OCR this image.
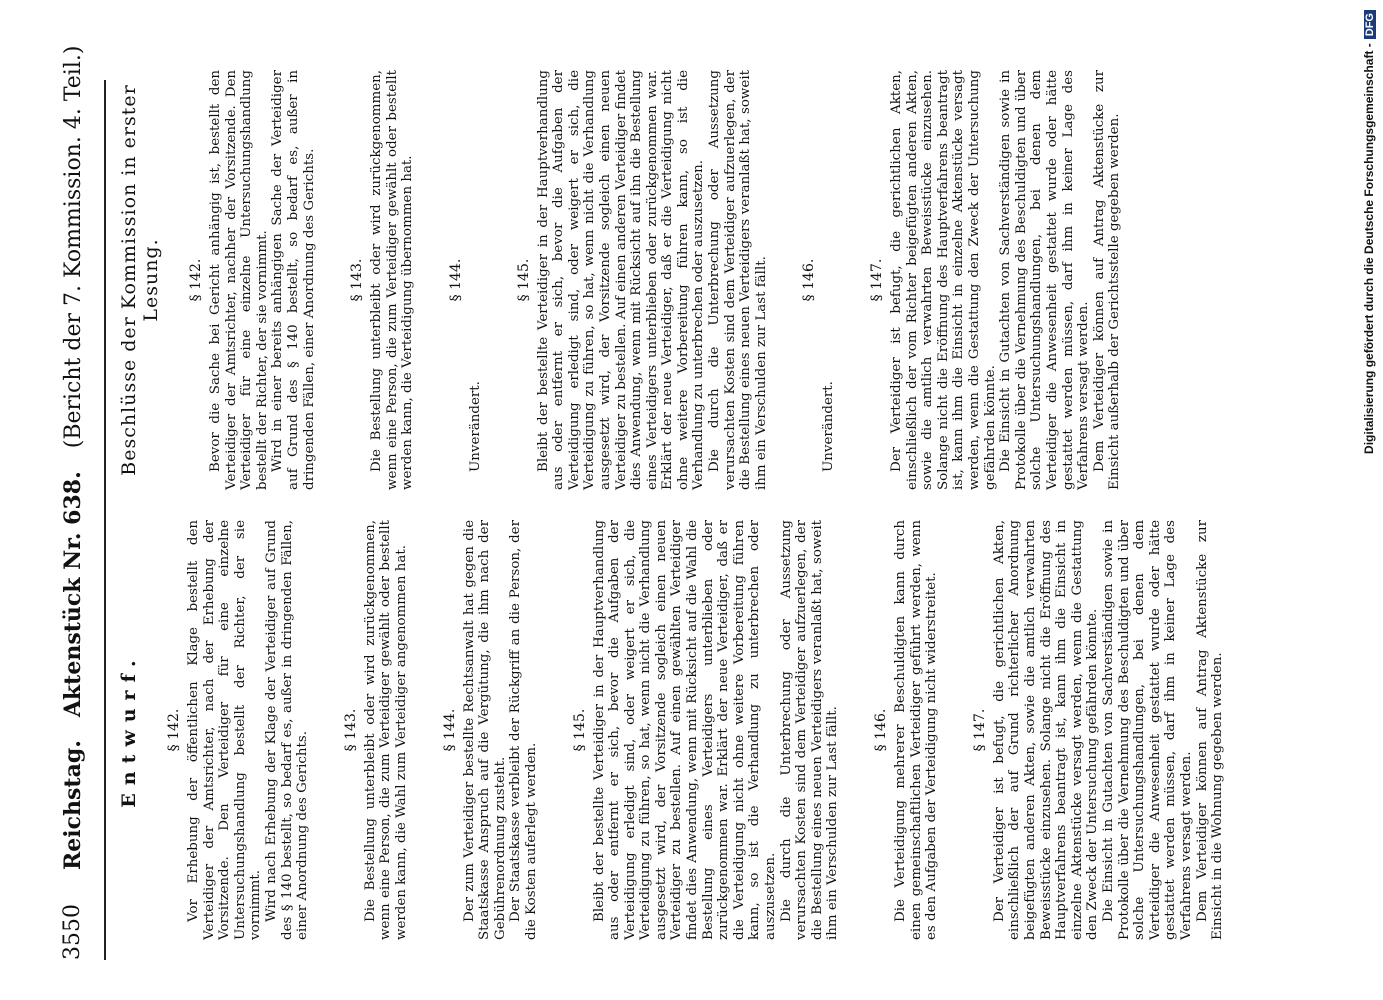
3550
Reichstag.   Aktenstück Nr. 638.   (Bericht der 7. Kommission. 4. Teil.)
Entwurf. § 142. Vor Erhebung der öffentlichen Klage bestellt den Verteidiger der Amtsrichter, nach der Erhebung der Vorsitzende. Den Verteidiger für eine einzelne Untersuchungshandlung bestellt der Richter, der sie vornimmt. Wird nach Erhebung der Klage der Verteidiger auf Grund des § 140 bestellt, so bedarf es, außer in dringenden Fällen, einer Anordnung des Gerichts.

§ 143. Die Bestellung unterbleibt oder wird zurückgenommen, wenn eine Person, die zum Verteidiger gewählt oder bestellt werden kann, die Wahl zum Verteidiger angenommen hat. § 144. Der zum Verteidiger bestellte Rechtsanwalt hat gegen die Staatskasse Anspruch auf die Vergütung, die ihm nach der Gebührenordnung zusteht. Der Staatskasse verbleibt der Rückgriff an die Person, der die Kosten auferlegt werden.

§ 145. Bleibt der bestellte Verteidiger in der Hauptverhandlung aus oder entfernt er sich, bevor die Aufgaben der Verteidigung erledigt sind, oder weigert er sich, die Verteidigung zu führen, so hat, wenn nicht die Verhandlung ausgesetzt wird, der Vorsitzende sogleich einen neuen Verteidiger zu bestellen. Auf einen gewählten Verteidiger findet dies Anwendung, wenn mit Rücksicht auf die Wahl die Bestellung eines Verteidigers unterblieben oder zurückgenommen war. Erklärt der neue Verteidiger, daß er die Verteidigung nicht ohne weitere Vorbereitung führen kann, so ist die Verhandlung zu unterbrechen oder auszusetzen. Die durch die Unterbrechung oder Aussetzung verursachten Kosten sind dem Verteidiger aufzuerlegen, der die Bestellung eines neuen Verteidigers veranlaßt hat, soweit ihm ein Verschulden zur Last fällt. § 146. Die Verteidigung mehrerer Beschuldigten kann durch einen gemeinschaftlichen Verteidiger geführt werden, wenn es den Aufgaben der Verteidigung nicht widerstreitet. § 147. Der Verteidiger ist befugt, die gerichtlichen Akten, einschließlich der auf Grund richterlicher Anordnung beigefügten anderen Akten, sowie die amtlich verwahrten Beweisstücke einzusehen. Solange nicht die Eröffnung des Hauptverfahrens beantragt ist, kann ihm die Einsicht in einzelne Aktenstücke versagt werden, wenn die Gestattung den Zweck der Untersuchung gefährden könnte. Die Einsicht in Gutachten von Sachverständigen sowie in Protokolle über die Vernehmung des Beschuldigten und über solche Untersuchungshandlungen, bei denen dem Verteidiger die Anwesenheit gestattet wurde oder hätte gestattet werden müssen, darf ihm in keiner Lage des Verfahrens versagt werden. Dem Verteidiger können auf Antrag Aktenstücke zur Einsicht in die Wohnung gegeben werden.

Beschlüsse der Kommission in erster Lesung. § 142. Bevor die Sache bei Gericht anhängig ist, bestellt den Verteidiger der Amtsrichter, nachher der Vorsitzende. Den Verteidiger für eine einzelne Untersuchungshandlung bestellt der Richter, der sie vornimmt. Wird in einer bereits anhängigen Sache der Verteidiger auf Grund des § 140 bestellt, so bedarf es, außer in dringenden Fällen, einer Anordnung des Gerichts. § 143. Die Bestellung unterbleibt oder wird zurückgenommen, wenn eine Person, die zum Verteidiger gewählt oder bestellt werden kann, die Verteidigung übernommen hat. § 144.

Unverändert.

§ 145. Bleibt der bestellte Verteidiger in der Hauptverhandlung aus oder entfernt er sich, bevor die Aufgaben der Verteidigung erledigt sind, oder weigert er sich, die Verteidigung zu führen, so hat, wenn nicht die Verhandlung ausgesetzt wird, der Vorsitzende sogleich einen neuen Verteidiger zu bestellen. Auf einen anderen Verteidiger findet dies Anwendung, wenn mit Rücksicht auf ihn die Bestellung eines Verteidigers unterblieben oder zurückgenommen war. Erklärt der neue Verteidiger, daß er die Verteidigung nicht ohne weitere Vorbereitung führen kann, so ist die Verhandlung zu unterbrechen oder auszusetzen. Die durch die Unterbrechung oder Aussetzung verursachten Kosten sind dem Verteidiger aufzuerlegen, der die Bestellung eines neuen Verteidigers veranlaßt hat, soweit ihm ein Verschulden zur Last fällt. § 146.

Unverändert.

§ 147. Der Verteidiger ist befugt, die gerichtlichen Akten, einschließlich der vom Richter beigefügten anderen Akten, sowie die amtlich verwahrten Beweisstücke einzusehen. Solange nicht die Eröffnung des Hauptverfahrens beantragt ist, kann ihm die Einsicht in einzelne Aktenstücke versagt werden, wenn die Gestattung den Zweck der Untersuchung gefährden könnte. Die Einsicht in Gutachten von Sachverständigen sowie in Protokolle über die Vernehmung des Beschuldigten und über solche Untersuchungshandlungen, bei denen dem Verteidiger die Anwesenheit gestattet wurde oder hätte gestattet werden müssen, darf ihm in keiner Lage des Verfahrens versagt werden. Dem Verteidiger können auf Antrag Aktenstücke zur Einsicht außerhalb der Gerichtsstelle gegeben werden.	Digitalisierung gefördert durch die Deutsche Forschungsgemeinschaft -DFG
